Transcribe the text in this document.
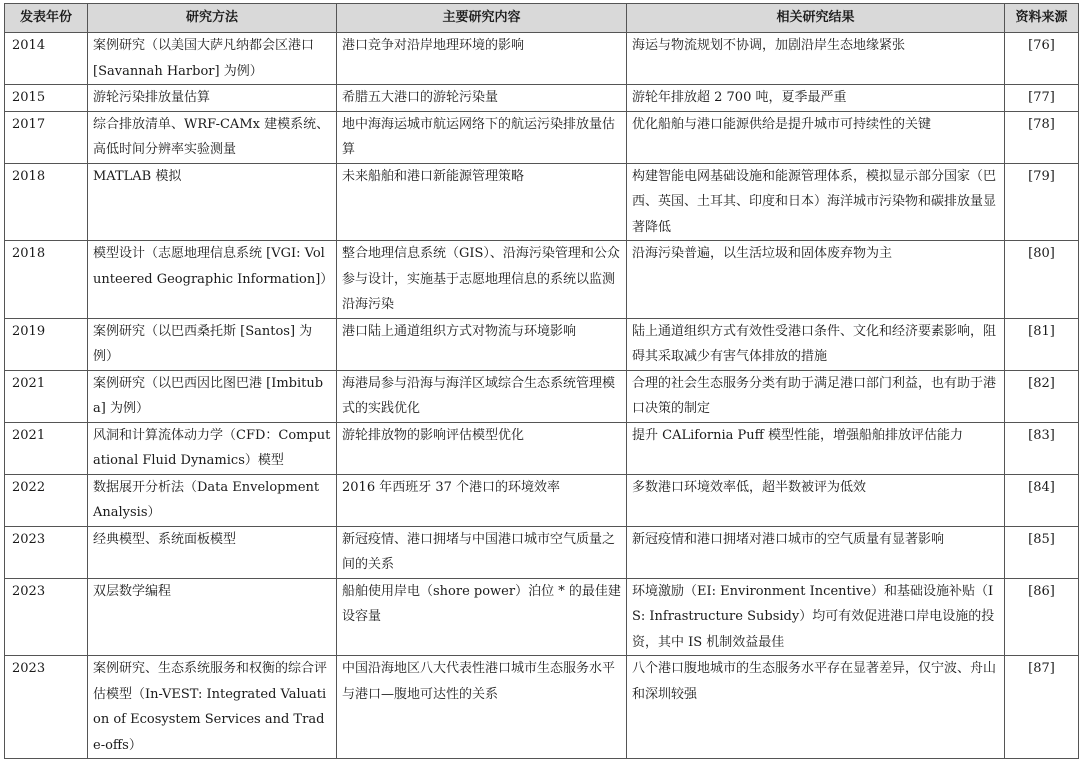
发表年份	研究方法	主要研究内容	相关研究结果	资料来源
2014	案例研究（以美国大萨凡纳都会区港口 [Savannah Harbor] 为例）	港口竞争对沿岸地理环境的影响	海运与物流规划不协调，加剧沿岸生态地缘紧张	[76]
2015	游轮污染排放量估算	希腊五大港口的游轮污染量	游轮年排放超 2 700 吨，夏季最严重	[77]
2017	综合排放清单、WRF-CAMx 建模系统、高低时间分辨率实验测量	地中海海运城市航运网络下的航运污染排放量估算	优化船舶与港口能源供给是提升城市可持续性的关键	[78]
2018	MATLAB 模拟	未来船舶和港口新能源管理策略	构建智能电网基础设施和能源管理体系，模拟显示部分国家（巴西、英国、土耳其、印度和日本）海洋城市污染物和碳排放量显著降低	[79]
2018	模型设计（志愿地理信息系统 [VGI: Volunteered Geographic Information]）	整合地理信息系统（GIS）、沿海污染管理和公众参与设计，实施基于志愿地理信息的系统以监测沿海污染	沿海污染普遍，以生活垃圾和固体废弃物为主	[80]
2019	案例研究（以巴西桑托斯 [Santos] 为例）	港口陆上通道组织方式对物流与环境影响	陆上通道组织方式有效性受港口条件、文化和经济要素影响，阻碍其采取减少有害气体排放的措施	[81]
2021	案例研究（以巴西因比图巴港 [Imbituba] 为例）	海港局参与沿海与海洋区域综合生态系统管理模式的实践优化	合理的社会生态服务分类有助于满足港口部门利益，也有助于港口决策的制定	[82]
2021	风洞和计算流体动力学（CFD：Computational Fluid Dynamics）模型	游轮排放物的影响评估模型优化	提升 CALifornia Puff 模型性能，增强船舶排放评估能力	[83]
2022	数据展开分析法（Data Envelopment Analysis）	2016 年西班牙 37 个港口的环境效率	多数港口环境效率低，超半数被评为低效	[84]
2023	经典模型、系统面板模型	新冠疫情、港口拥堵与中国港口城市空气质量之间的关系	新冠疫情和港口拥堵对港口城市的空气质量有显著影响	[85]
2023	双层数学编程	船舶使用岸电（shore power）泊位 * 的最佳建设容量	环境激励（EI: Environment Incentive）和基础设施补贴（IS: Infrastructure Subsidy）均可有效促进港口岸电设施的投资，其中 IS 机制效益最佳	[86]
2023	案例研究、生态系统服务和权衡的综合评估模型（In-VEST: Integrated Valuation of Ecosystem Services and Trade-offs）	中国沿海地区八大代表性港口城市生态服务水平与港口—腹地可达性的关系	八个港口腹地城市的生态服务水平存在显著差异，仅宁波、舟山和深圳较强	[87]
